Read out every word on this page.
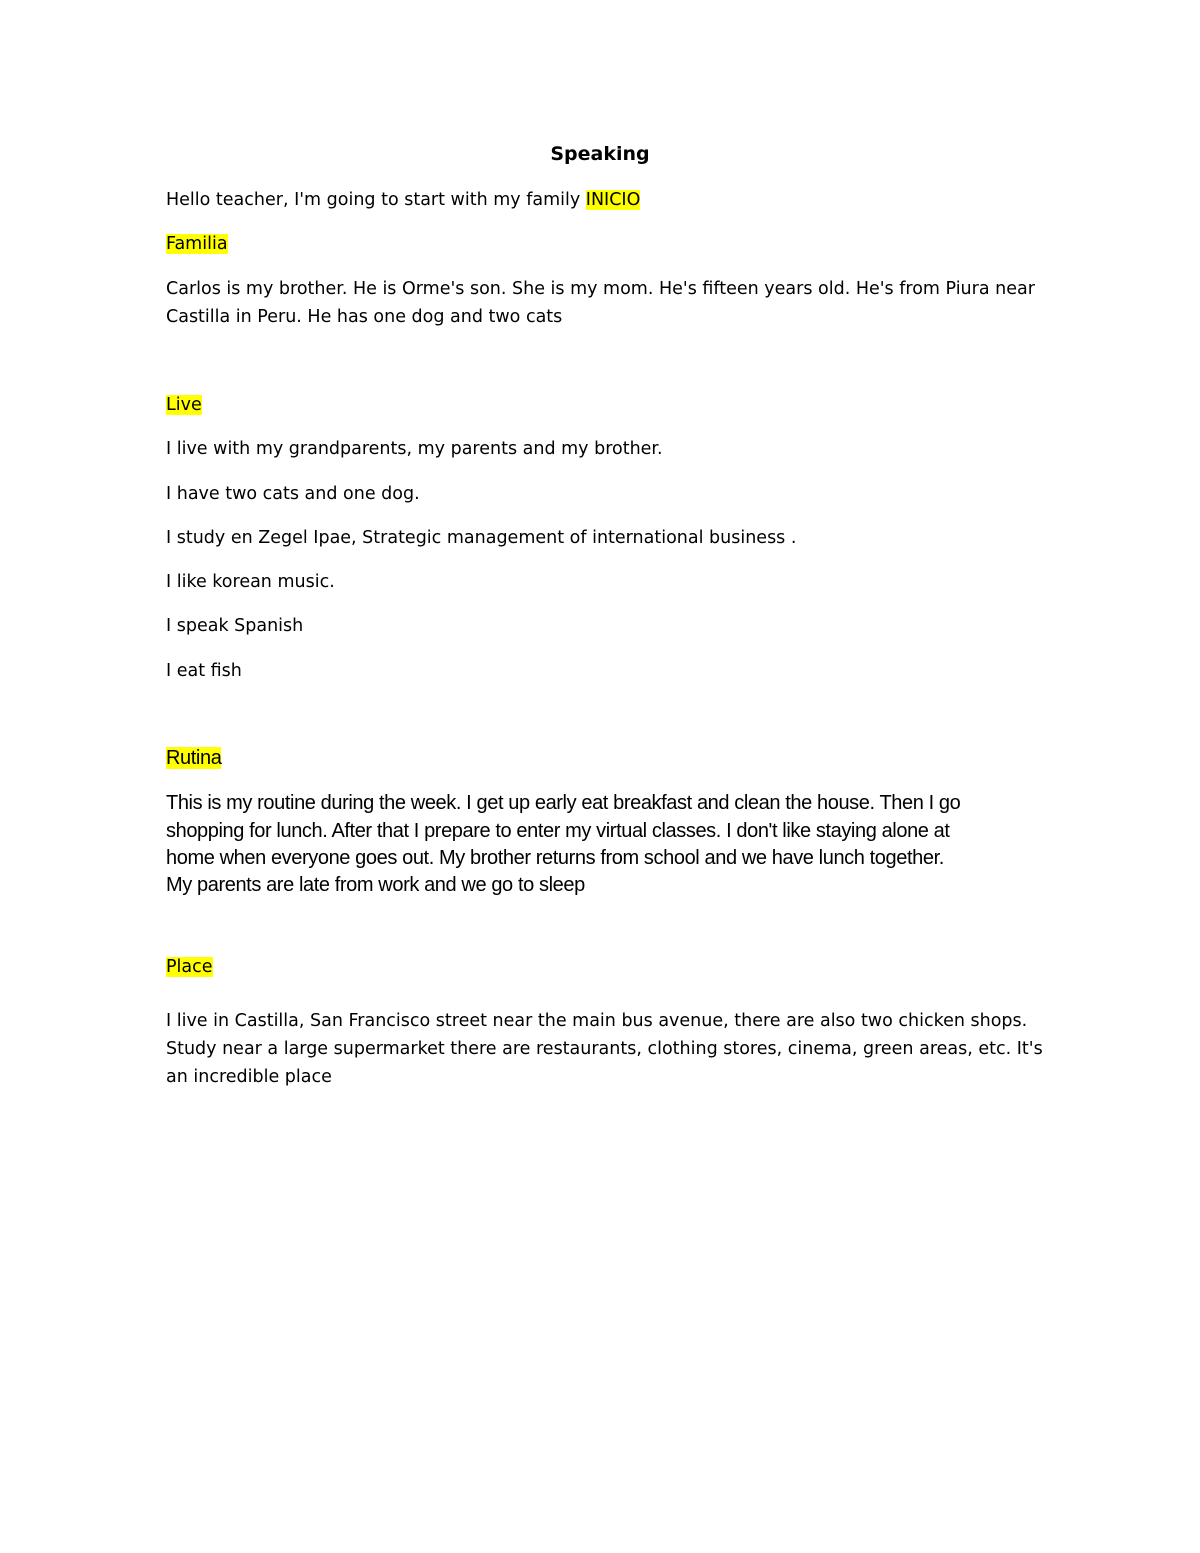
Speaking

Hello teacher, I'm going to start with my family INICIO

Familia

Carlos is my brother. He is Orme's son. She is my mom. He's fifteen years old. He's from Piura near

Castilla in Peru. He has one dog and two cats

Live

I live with my grandparents, my parents and my brother.

I have two cats and one dog.

I study en Zegel Ipae, Strategic management of international business .

I like korean music.

I speak Spanish

I eat fish

Rutina

This is my routine during the week. I get up early eat breakfast and clean the house. Then I go

shopping for lunch. After that I prepare to enter my virtual classes. I don't like staying alone at

home when everyone goes out. My brother returns from school and we have lunch together.

My parents are late from work and we go to sleep

Place

I live in Castilla, San Francisco street near the main bus avenue, there are also two chicken shops.

Study near a large supermarket there are restaurants, clothing stores, cinema, green areas, etc. It's

an incredible place
